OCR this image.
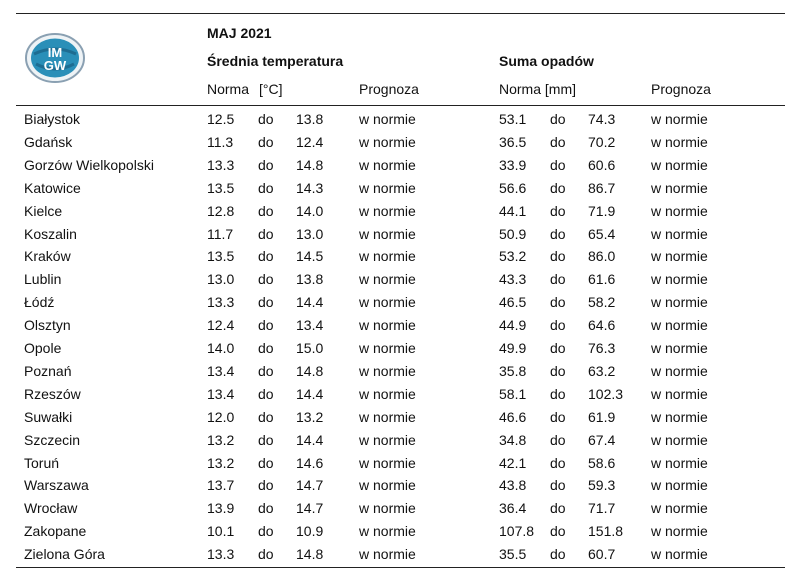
IM
GW
MAJ 2021
Średnia temperatura	Suma opadów
Norma [°C]	Prognoza	Norma [mm]	Prognoza
Białystok	12.5 do 13.8	w normie	53.1 do 74.3	w normie
Gdańsk	11.3 do 12.4	w normie	36.5 do 70.2	w normie
Gorzów Wielkopolski	13.3 do 14.8	w normie	33.9 do 60.6	w normie
Katowice	13.5 do 14.3	w normie	56.6 do 86.7	w normie
Kielce	12.8 do 14.0	w normie	44.1 do 71.9	w normie
Koszalin	11.7 do 13.0	w normie	50.9 do 65.4	w normie
Kraków	13.5 do 14.5	w normie	53.2 do 86.0	w normie
Lublin	13.0 do 13.8	w normie	43.3 do 61.6	w normie
Łódź	13.3 do 14.4	w normie	46.5 do 58.2	w normie
Olsztyn	12.4 do 13.4	w normie	44.9 do 64.6	w normie
Opole	14.0 do 15.0	w normie	49.9 do 76.3	w normie
Poznań	13.4 do 14.8	w normie	35.8 do 63.2	w normie
Rzeszów	13.4 do 14.4	w normie	58.1 do 102.3 w normie
Suwałki	12.0 do 13.2	w normie	46.6 do 61.9	w normie
Szczecin	13.2 do 14.4	w normie	34.8 do 67.4	w normie
Toruń	13.2 do 14.6	w normie	42.1 do 58.6	w normie
Warszawa	13.7 do 14.7	w normie	43.8 do 59.3	w normie
Wrocław	13.9 do 14.7	w normie	36.4 do 71.7	w normie
Zakopane	10.1 do 10.9	w normie	107.8 do 151.8 w normie
Zielona Góra	13.3 do 14.8	w normie	35.5 do 60.7	w normie
